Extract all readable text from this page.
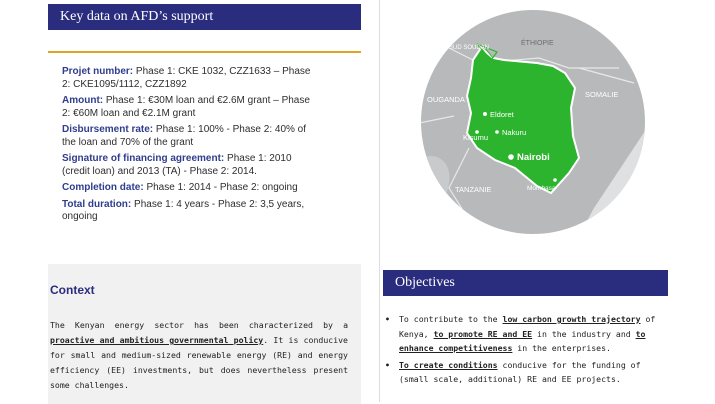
Key data on AFD’s support
Projet number: Phase 1: CKE 1032, CZZ1633 – Phase 2: CKE1095/1112, CZZ1892
Amount: Phase 1: €30M loan and €2.6M grant – Phase 2: €60M loan and €2.1M grant
Disbursement rate: Phase 1: 100% - Phase 2: 40% of the loan and 70% of the grant
Signature of financing agreement: Phase 1: 2010 (credit loan) and 2013 (TA) - Phase 2: 2014.
Completion date: Phase 1: 2014 - Phase 2: ongoing
Total duration: Phase 1: 4 years - Phase 2: 3,5 years, ongoing
Context
The Kenyan energy sector has been characterized by a proactive and ambitious governmental policy. It is conducive for small and medium-sized renewable energy (RE) and energy efficiency (EE) investments, but does nevertheless present some challenges.
SUD SOUDAN
ÉTHIOPIE
OUGANDA
SOMALIE
TANZANIE
Eldoret
Kisumu
Nakuru
Nairobi
Mombasa
Objectives
• To contribute to the low carbon growth trajectory of Kenya, to promote RE and EE in the industry and to enhance competitiveness in the enterprises.
• To create conditions conducive for the funding of (small scale, additional) RE and EE projects.
